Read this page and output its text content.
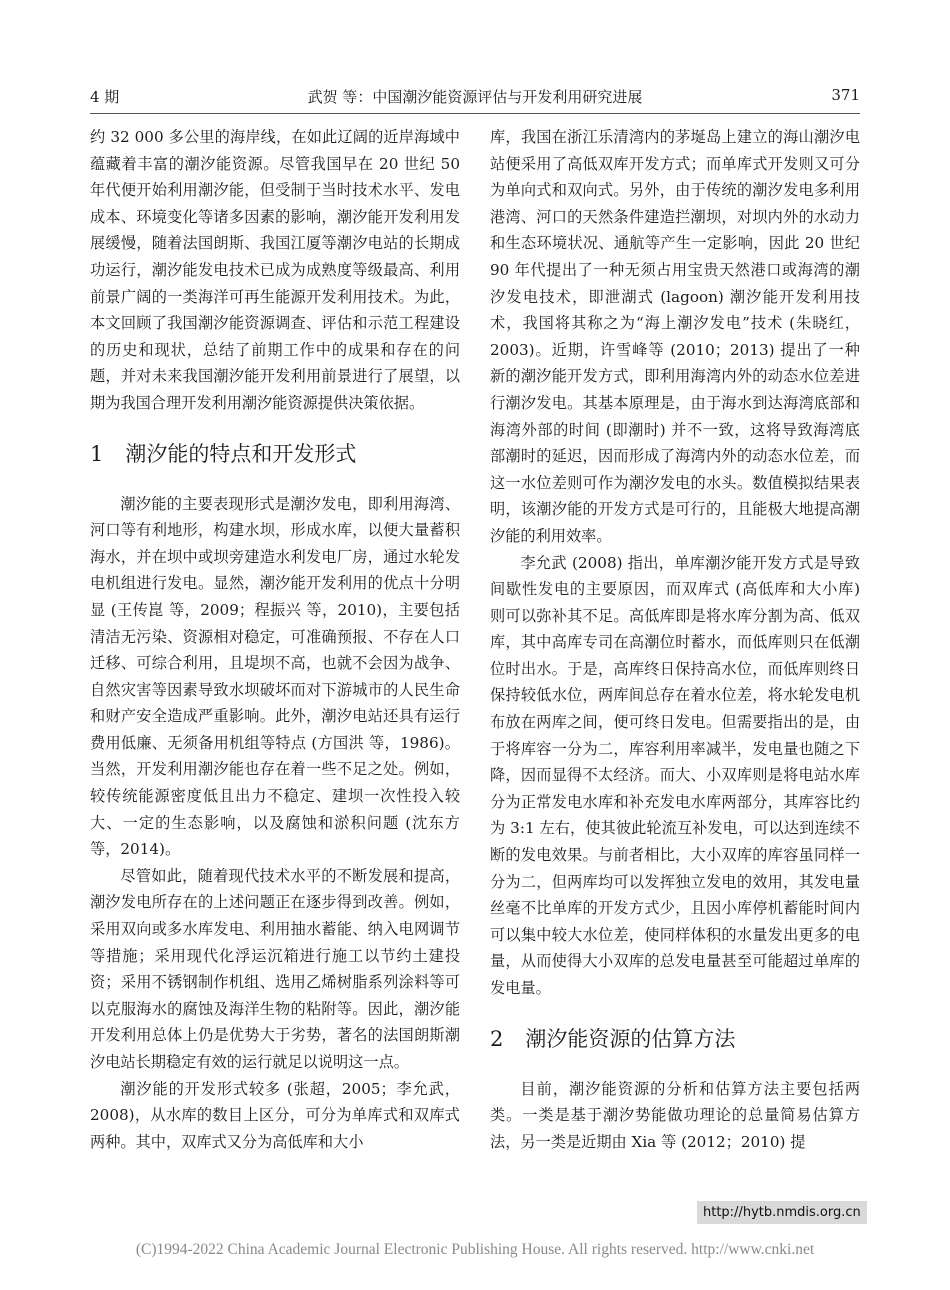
4 期	武贺 等：中国潮汐能资源评估与开发利用研究进展	371

约 32 000 多公里的海岸线，在如此辽阔的近岸海域中蕴藏着丰富的潮汐能资源。尽管我国早在 20 世纪 50 年代便开始利用潮汐能，但受制于当时技术水平、发电成本、环境变化等诸多因素的影响，潮汐能开发利用发展缓慢，随着法国朗斯、我国江厦等潮汐电站的长期成功运行，潮汐能发电技术已成为成熟度等级最高、利用前景广阔的一类海洋可再生能源开发利用技术。为此，本文回顾了我国潮汐能资源调查、评估和示范工程建设的历史和现状，总结了前期工作中的成果和存在的问题，并对未来我国潮汐能开发利用前景进行了展望，以期为我国合理开发利用潮汐能资源提供决策依据。

1 潮汐能的特点和开发形式

潮汐能的主要表现形式是潮汐发电，即利用海湾、河口等有利地形，构建水坝，形成水库，以便大量蓄积海水，并在坝中或坝旁建造水利发电厂房，通过水轮发电机组进行发电。显然，潮汐能开发利用的优点十分明显 (王传崑 等，2009；程振兴 等，2010)，主要包括清洁无污染、资源相对稳定，可准确预报、不存在人口迁移、可综合利用，且堤坝不高，也就不会因为战争、自然灾害等因素导致水坝破坏而对下游城市的人民生命和财产安全造成严重影响。此外，潮汐电站还具有运行费用低廉、无须备用机组等特点 (方国洪 等，1986)。当然，开发利用潮汐能也存在着一些不足之处。例如，较传统能源密度低且出力不稳定、建坝一次性投入较大、一定的生态影响，以及腐蚀和淤积问题 (沈东方 等，2014)。

尽管如此，随着现代技术水平的不断发展和提高，潮汐发电所存在的上述问题正在逐步得到改善。例如，采用双向或多水库发电、利用抽水蓄能、纳入电网调节等措施；采用现代化浮运沉箱进行施工以节约土建投资；采用不锈钢制作机组、选用乙烯树脂系列涂料等可以克服海水的腐蚀及海洋生物的粘附等。因此，潮汐能开发利用总体上仍是优势大于劣势，著名的法国朗斯潮汐电站长期稳定有效的运行就足以说明这一点。

潮汐能的开发形式较多 (张超，2005；李允武，2008)，从水库的数目上区分，可分为单库式和双库式两种。其中，双库式又分为高低库和大小

库，我国在浙江乐清湾内的茅埏岛上建立的海山潮汐电站便采用了高低双库开发方式；而单库式开发则又可分为单向式和双向式。另外，由于传统的潮汐发电多利用港湾、河口的天然条件建造拦潮坝，对坝内外的水动力和生态环境状况、通航等产生一定影响，因此 20 世纪 90 年代提出了一种无须占用宝贵天然港口或海湾的潮汐发电技术，即泄湖式 (lagoon) 潮汐能开发利用技术，我国将其称之为“海上潮汐发电”技术 (朱晓红，2003)。近期，许雪峰等 (2010；2013) 提出了一种新的潮汐能开发方式，即利用海湾内外的动态水位差进行潮汐发电。其基本原理是，由于海水到达海湾底部和海湾外部的时间 (即潮时) 并不一致，这将导致海湾底部潮时的延迟，因而形成了海湾内外的动态水位差，而这一水位差则可作为潮汐发电的水头。数值模拟结果表明，该潮汐能的开发方式是可行的，且能极大地提高潮汐能的利用效率。

李允武 (2008) 指出，单库潮汐能开发方式是导致间歇性发电的主要原因，而双库式 (高低库和大小库) 则可以弥补其不足。高低库即是将水库分割为高、低双库，其中高库专司在高潮位时蓄水，而低库则只在低潮位时出水。于是，高库终日保持高水位，而低库则终日保持较低水位，两库间总存在着水位差，将水轮发电机布放在两库之间，便可终日发电。但需要指出的是，由于将库容一分为二，库容利用率减半，发电量也随之下降，因而显得不太经济。而大、小双库则是将电站水库分为正常发电水库和补充发电水库两部分，其库容比约为 3:1 左右，使其彼此轮流互补发电，可以达到连续不断的发电效果。与前者相比，大小双库的库容虽同样一分为二，但两库均可以发挥独立发电的效用，其发电量丝毫不比单库的开发方式少，且因小库停机蓄能时间内可以集中较大水位差，使同样体积的水量发出更多的电量，从而使得大小双库的总发电量甚至可能超过单库的发电量。

2 潮汐能资源的估算方法

目前，潮汐能资源的分析和估算方法主要包括两类。一类是基于潮汐势能做功理论的总量简易估算方法，另一类是近期由 Xia 等 (2012；2010) 提

http://hytb.nmdis.org.cn
(C)1994-2022 China Academic Journal Electronic Publishing House. All rights reserved. http://www.cnki.net
